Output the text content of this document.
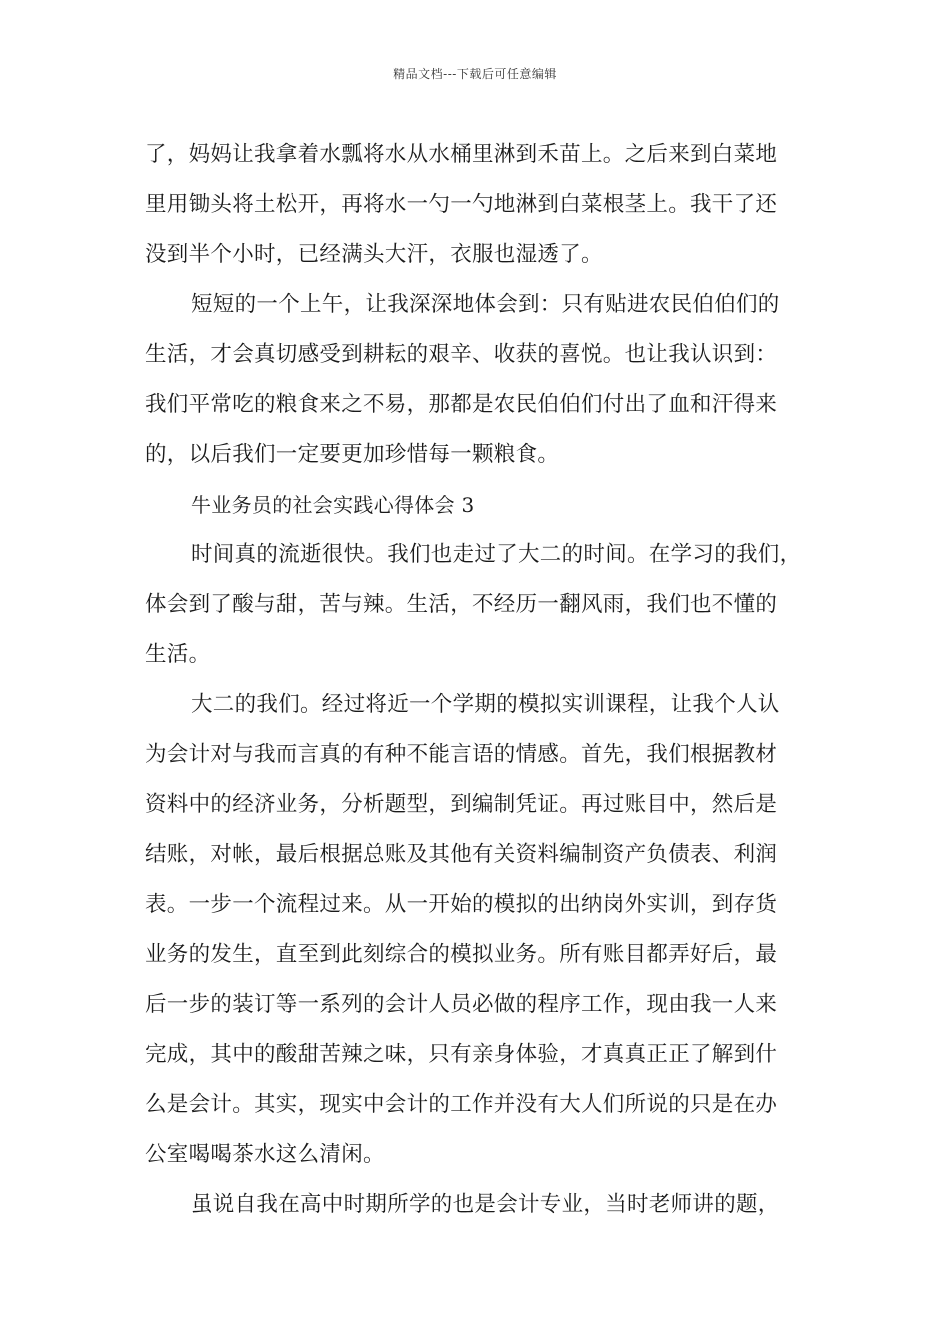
精品文档---下载后可任意编辑
了，妈妈让我拿着水瓢将水从水桶里淋到禾苗上。之后来到白菜地
里用锄头将土松开，再将水一勺一勺地淋到白菜根茎上。我干了还
没到半个小时，已经满头大汗，衣服也湿透了。
短短的一个上午，让我深深地体会到：只有贴进农民伯伯们的
生活，才会真切感受到耕耘的艰辛、收获的喜悦。也让我认识到：
我们平常吃的粮食来之不易，那都是农民伯伯们付出了血和汗得来
的，以后我们一定要更加珍惜每一颗粮食。
牛业务员的社会实践心得体会 3
时间真的流逝很快。我们也走过了大二的时间。在学习的我们，
体会到了酸与甜，苦与辣。生活，不经历一翻风雨，我们也不懂的
生活。
大二的我们。经过将近一个学期的模拟实训课程，让我个人认
为会计对与我而言真的有种不能言语的情感。首先，我们根据教材
资料中的经济业务，分析题型，到编制凭证。再过账目中，然后是
结账，对帐，最后根据总账及其他有关资料编制资产负债表、利润
表。一步一个流程过来。从一开始的模拟的出纳岗外实训，到存货
业务的发生，直至到此刻综合的模拟业务。所有账目都弄好后，最
后一步的装订等一系列的会计人员必做的程序工作，现由我一人来
完成，其中的酸甜苦辣之味，只有亲身体验，才真真正正了解到什
么是会计。其实，现实中会计的工作并没有大人们所说的只是在办
公室喝喝茶水这么清闲。
虽说自我在高中时期所学的也是会计专业，当时老师讲的题，
